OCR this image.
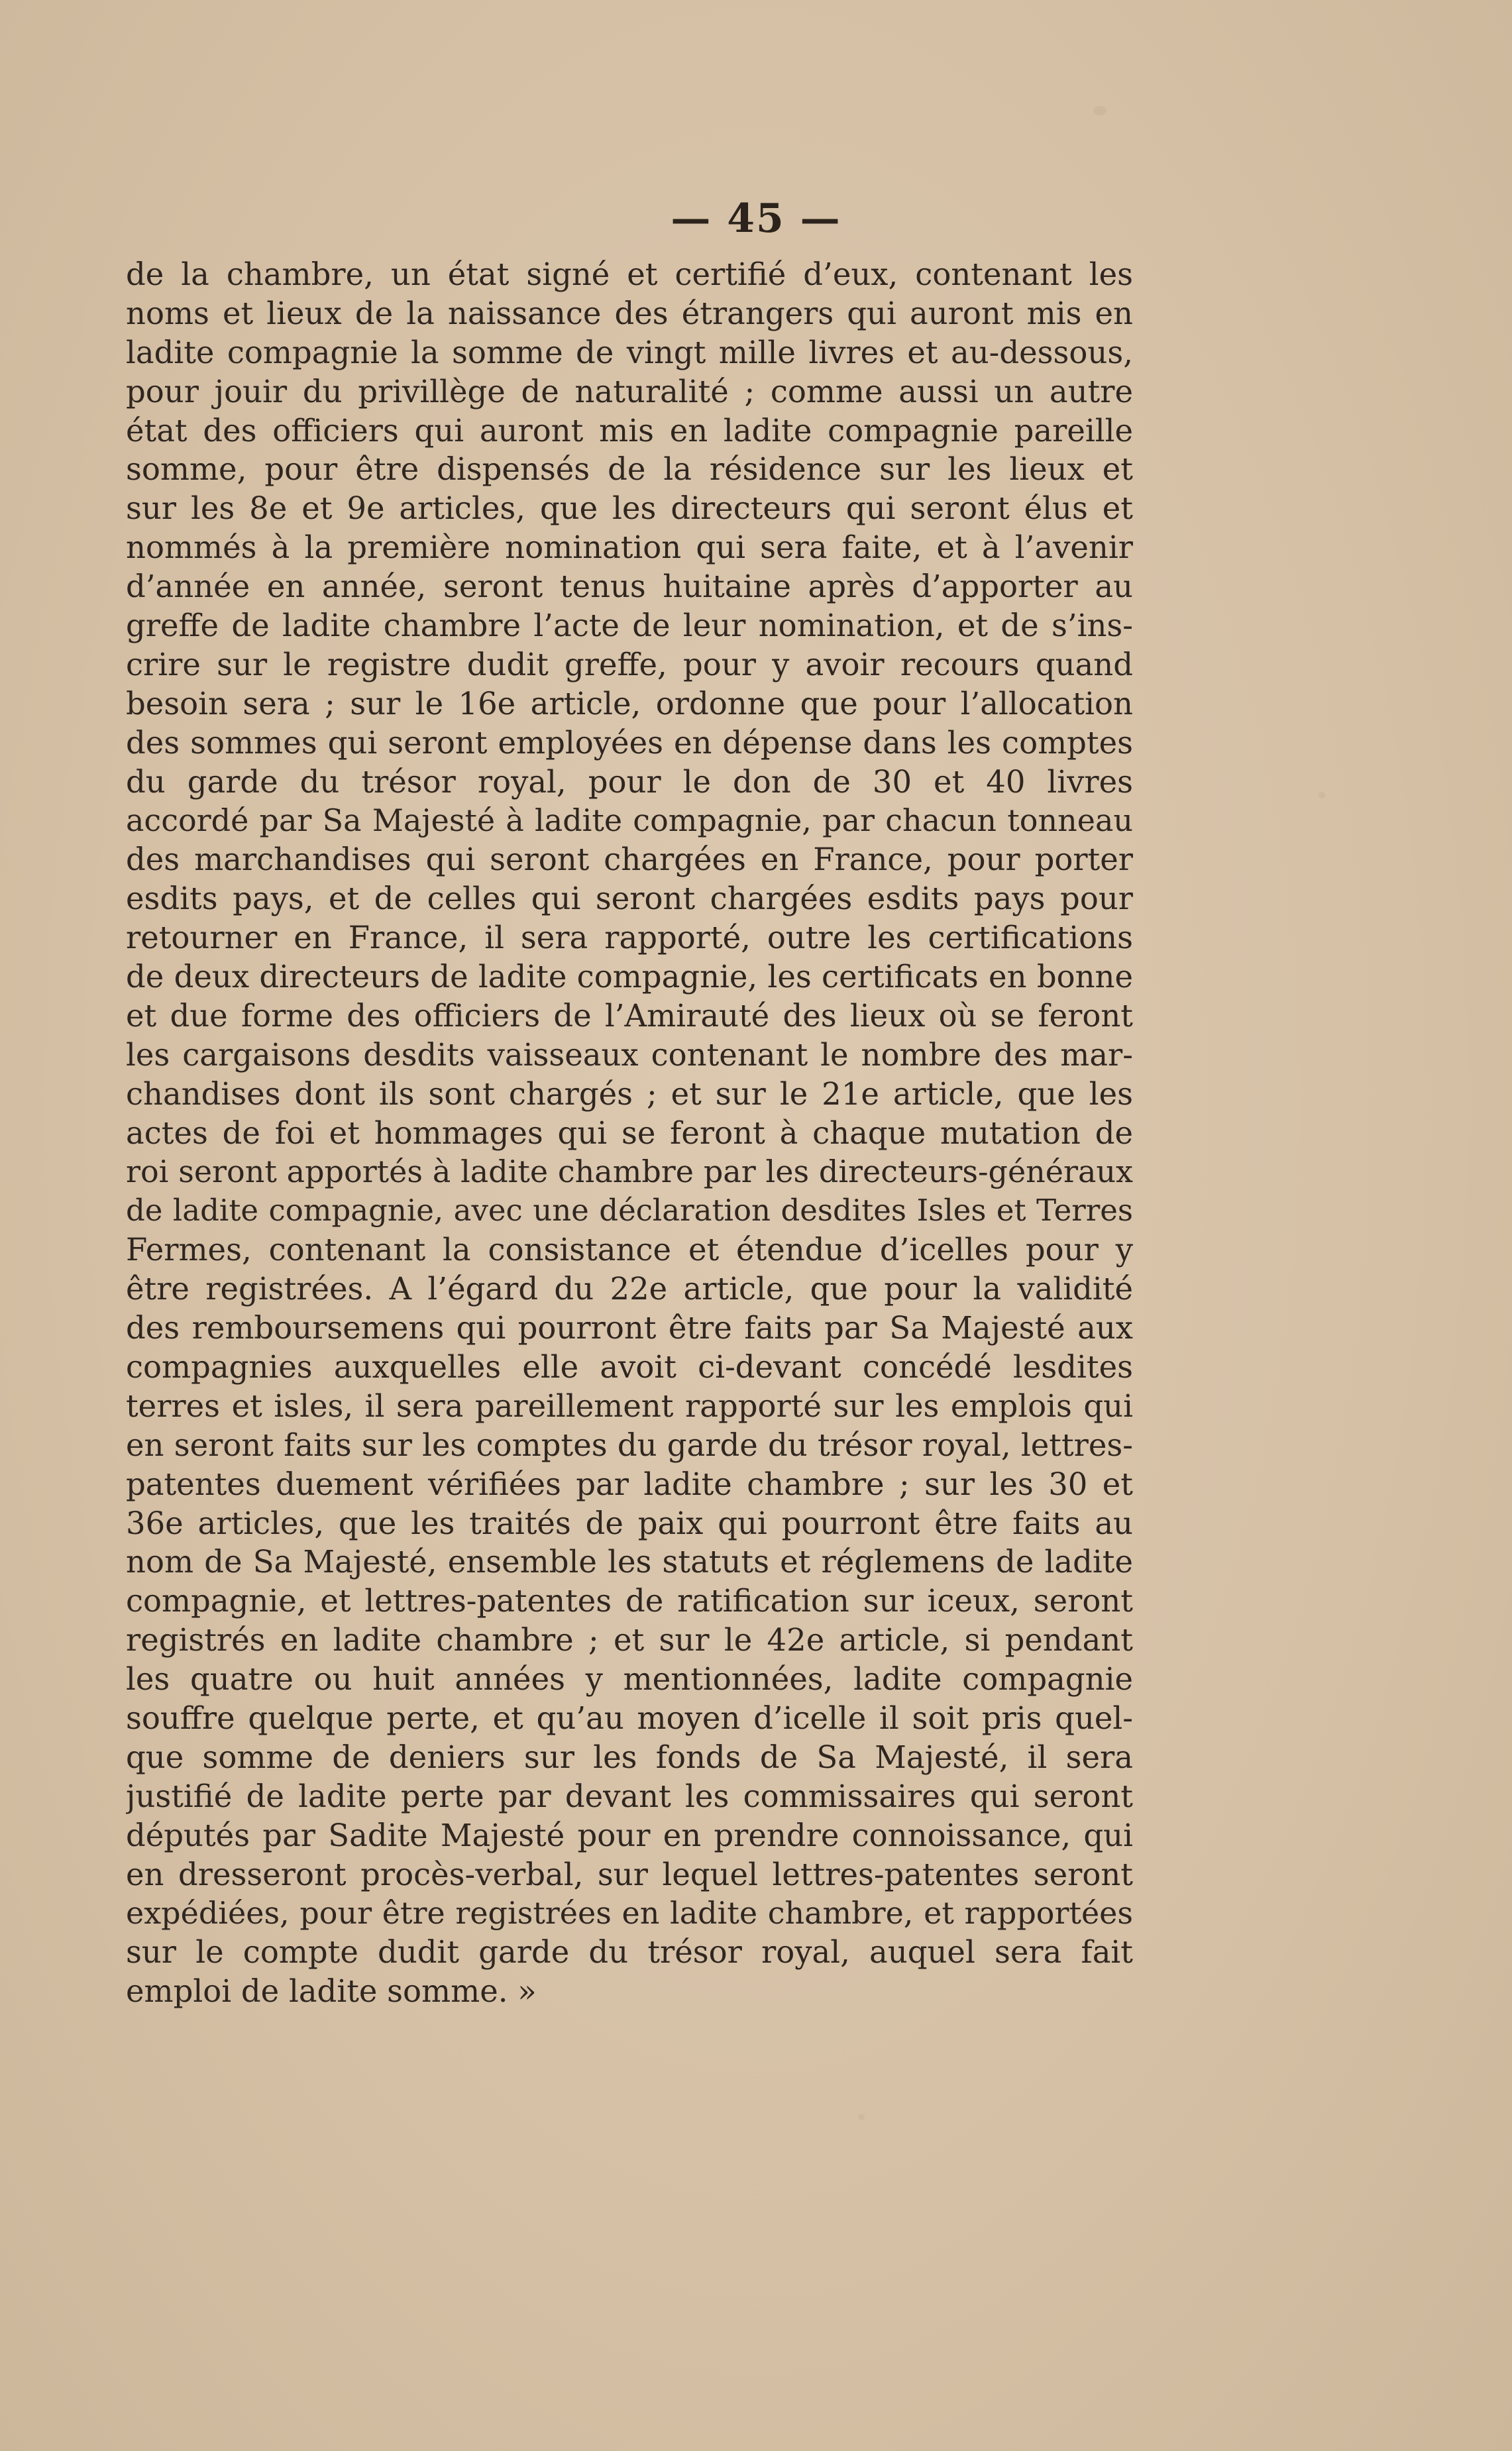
— 45 —
de la chambre, un état signé et certifié d’eux, contenant les
noms et lieux de la naissance des étrangers qui auront mis en
ladite compagnie la somme de vingt mille livres et au-dessous,
pour jouir du privillège de naturalité ; comme aussi un autre
état des officiers qui auront mis en ladite compagnie pareille
somme, pour être dispensés de la résidence sur les lieux et
sur les 8e et 9e articles, que les directeurs qui seront élus et
nommés à la première nomination qui sera faite, et à l’avenir
d’année en année, seront tenus huitaine après d’apporter au
greffe de ladite chambre l’acte de leur nomination, et de s’ins-
crire sur le registre dudit greffe, pour y avoir recours quand
besoin sera ; sur le 16e article, ordonne que pour l’allocation
des sommes qui seront employées en dépense dans les comptes
du garde du trésor royal, pour le don de 30 et 40 livres
accordé par Sa Majesté à ladite compagnie, par chacun tonneau
des marchandises qui seront chargées en France, pour porter
esdits pays, et de celles qui seront chargées esdits pays pour
retourner en France, il sera rapporté, outre les certifications
de deux directeurs de ladite compagnie, les certificats en bonne
et due forme des officiers de l’Amirauté des lieux où se feront
les cargaisons desdits vaisseaux contenant le nombre des mar-
chandises dont ils sont chargés ; et sur le 21e article, que les
actes de foi et hommages qui se feront à chaque mutation de
roi seront apportés à ladite chambre par les directeurs-généraux
de ladite compagnie, avec une déclaration desdites Isles et Terres
Fermes, contenant la consistance et étendue d’icelles pour y
être registrées. A l’égard du 22e article, que pour la validité
des remboursemens qui pourront être faits par Sa Majesté aux
compagnies auxquelles elle avoit ci-devant concédé lesdites
terres et isles, il sera pareillement rapporté sur les emplois qui
en seront faits sur les comptes du garde du trésor royal, lettres-
patentes duement vérifiées par ladite chambre ; sur les 30 et
36e articles, que les traités de paix qui pourront être faits au
nom de Sa Majesté, ensemble les statuts et réglemens de ladite
compagnie, et lettres-patentes de ratification sur iceux, seront
registrés en ladite chambre ; et sur le 42e article, si pendant
les quatre ou huit années y mentionnées, ladite compagnie
souffre quelque perte, et qu’au moyen d’icelle il soit pris quel-
que somme de deniers sur les fonds de Sa Majesté, il sera
justifié de ladite perte par devant les commissaires qui seront
députés par Sadite Majesté pour en prendre connoissance, qui
en dresseront procès-verbal, sur lequel lettres-patentes seront
expédiées, pour être registrées en ladite chambre, et rapportées
sur le compte dudit garde du trésor royal, auquel sera fait
emploi de ladite somme. »
